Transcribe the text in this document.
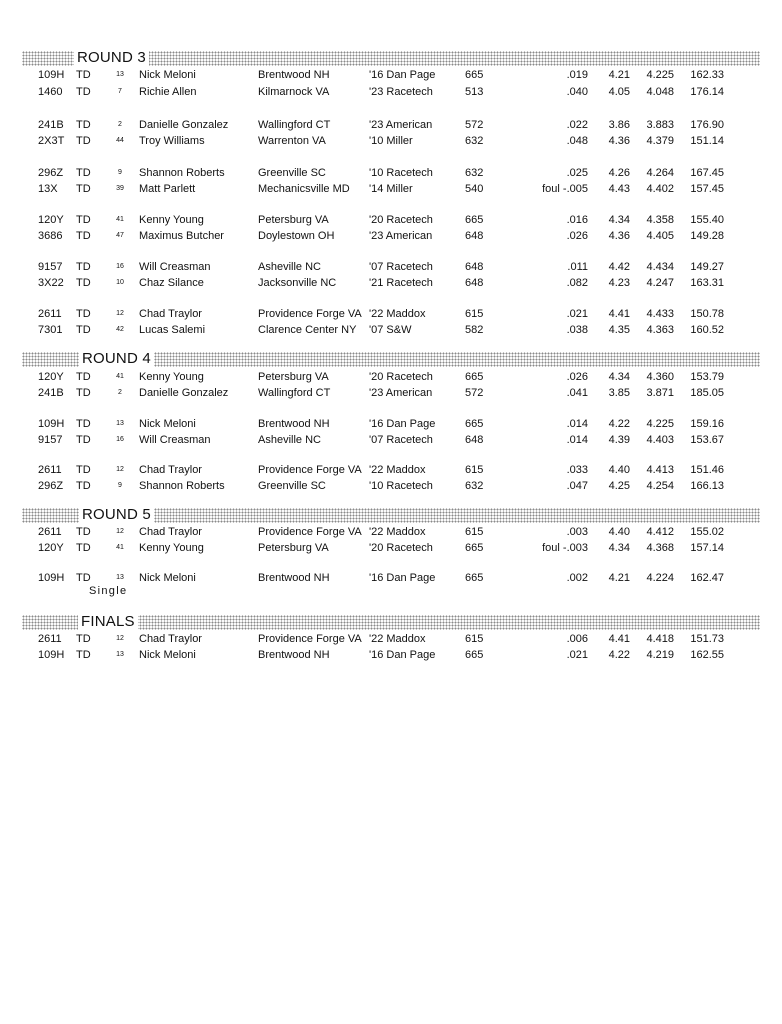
ROUND 3
109H	TD	13 Nick Meloni	Brentwood NH	'16 Dan Page	665	.019	4.21	4.225	162.33
1460	TD	7	Richie Allen	Kilmarnock VA	'23 Racetech	513	.040	4.05	4.048	176.14
241B	TD	2	Danielle Gonzalez	Wallingford CT	'23 American	572	.022	3.86	3.883	176.90
2X3T	TD	44 Troy Williams	Warrenton VA	'10 Miller	632	.048	4.36	4.379	151.14
296Z	TD	9	Shannon Roberts	Greenville SC	'10 Racetech	632	.025	4.26	4.264	167.45
13X	TD	39 Matt Parlett	Mechanicsville MD '14 Miller	540	foul -.005	4.43	4.402	157.45
120Y	TD	41 Kenny Young	Petersburg VA	'20 Racetech	665	.016	4.34	4.358	155.40
3686	TD	47 Maximus Butcher	Doylestown OH	'23 American	648	.026	4.36	4.405	149.28
9157	TD	16 Will Creasman	Asheville NC	'07 Racetech	648	.011	4.42	4.434	149.27
3X22	TD	10 Chaz Silance	Jacksonville NC	'21 Racetech	648	.082	4.23	4.247	163.31
2611	TD	12 Chad Traylor	Providence Forge VA '22 Maddox	615	.021	4.41	4.433	150.78
7301	TD	42 Lucas Salemi	Clarence Center NY '07 S&W	582	.038	4.35	4.363	160.52
ROUND 4
120Y	TD	41 Kenny Young	Petersburg VA	'20 Racetech	665	.026	4.34	4.360	153.79
241B	TD	2	Danielle Gonzalez	Wallingford CT	'23 American	572	.041	3.85	3.871	185.05
109H	TD	13 Nick Meloni	Brentwood NH	'16 Dan Page	665	.014	4.22	4.225	159.16
9157	TD	16 Will Creasman	Asheville NC	'07 Racetech	648	.014	4.39	4.403	153.67
2611	TD	12 Chad Traylor	Providence Forge VA '22 Maddox	615	.033	4.40	4.413	151.46
296Z	TD	9	Shannon Roberts	Greenville SC	'10 Racetech	632	.047	4.25	4.254	166.13
ROUND 5
2611	TD	12 Chad Traylor	Providence Forge VA '22 Maddox	615	.003	4.40	4.412	155.02
120Y	TD	41 Kenny Young	Petersburg VA	'20 Racetech	665	foul -.003	4.34	4.368	157.14
109H	TD	13 Nick Meloni	Brentwood NH	'16 Dan Page	665	.002	4.21	4.224	162.47
Single
FINALS
2611	TD	12 Chad Traylor	Providence Forge VA '22 Maddox	615	.006	4.41	4.418	151.73
109H	TD	13 Nick Meloni	Brentwood NH	'16 Dan Page	665	.021	4.22	4.219	162.55
